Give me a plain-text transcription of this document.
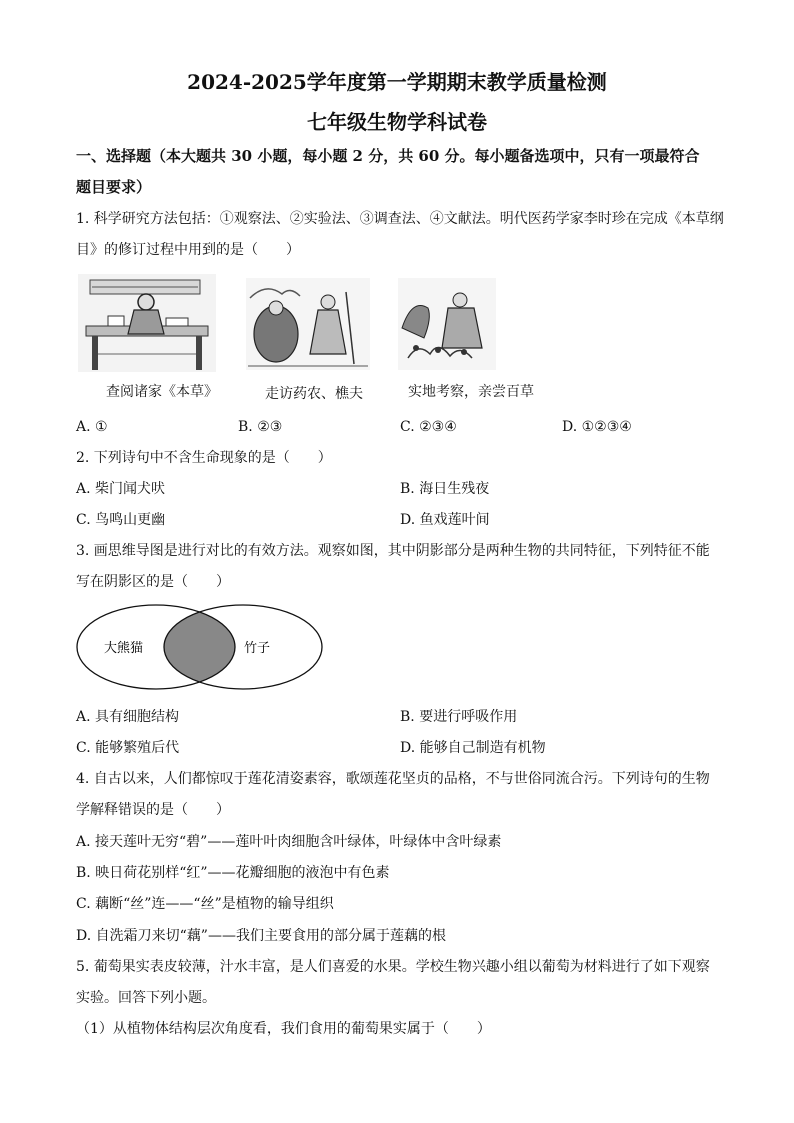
2024-2025学年度第一学期期末教学质量检测
七年级生物学科试卷
一、选择题（本大题共 30 小题，每小题 2 分，共 60 分。每小题备选项中，只有一项最符合
题目要求）
1. 科学研究方法包括：①观察法、②实验法、③调查法、④文献法。明代医药学家李时珍在完成《本草纲
目》的修订过程中用到的是（　　）
查阅诸家《本草》	走访药农、樵夫	实地考察，亲尝百草
A. ①	B. ②③	C. ②③④	D. ①②③④
2. 下列诗句中不含生命现象的是（　　）
A. 柴门闻犬吠	B. 海日生残夜
C. 鸟鸣山更幽	D. 鱼戏莲叶间
3. 画思维导图是进行对比的有效方法。观察如图，其中阴影部分是两种生物的共同特征，下列特征不能
写在阴影区的是（　　）
大熊猫	竹子
A. 具有细胞结构	B. 要进行呼吸作用
C. 能够繁殖后代	D. 能够自己制造有机物
4. 自古以来，人们都惊叹于莲花清姿素容，歌颂莲花坚贞的品格，不与世俗同流合污。下列诗句的生物
学解释错误的是（　　）
A. 接天莲叶无穷“碧”——莲叶叶肉细胞含叶绿体，叶绿体中含叶绿素
B. 映日荷花别样“红”——花瓣细胞的液泡中有色素
C. 藕断“丝”连——“丝”是植物的输导组织
D. 自洗霜刀来切“藕”——我们主要食用的部分属于莲藕的根
5. 葡萄果实表皮较薄，汁水丰富，是人们喜爱的水果。学校生物兴趣小组以葡萄为材料进行了如下观察
实验。回答下列小题。
（1）从植物体结构层次角度看，我们食用的葡萄果实属于（　　）
